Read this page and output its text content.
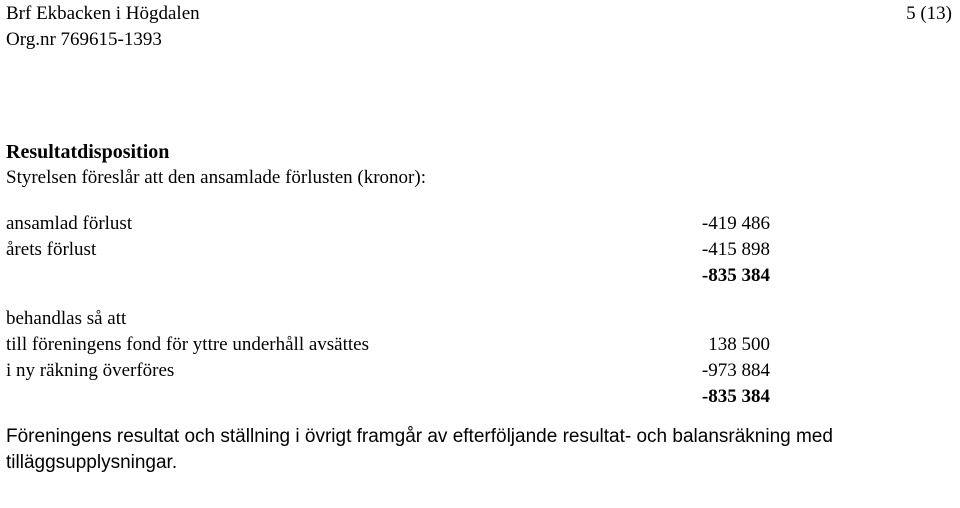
Brf Ekbacken i Högdalen
Org.nr 769615-1393
5 (13)

Resultatdisposition

Styrelsen föreslår att den ansamlade förlusten (kronor):

ansamlad förlust	-419 486
årets förlust	-415 898
-835 384
behandlas så att
till föreningens fond för yttre underhåll avsättes	138 500
i ny räkning överföres	-973 884
-835 384

Föreningens resultat och ställning i övrigt framgår av efterföljande resultat- och balansräkning med tilläggsupplysningar.
